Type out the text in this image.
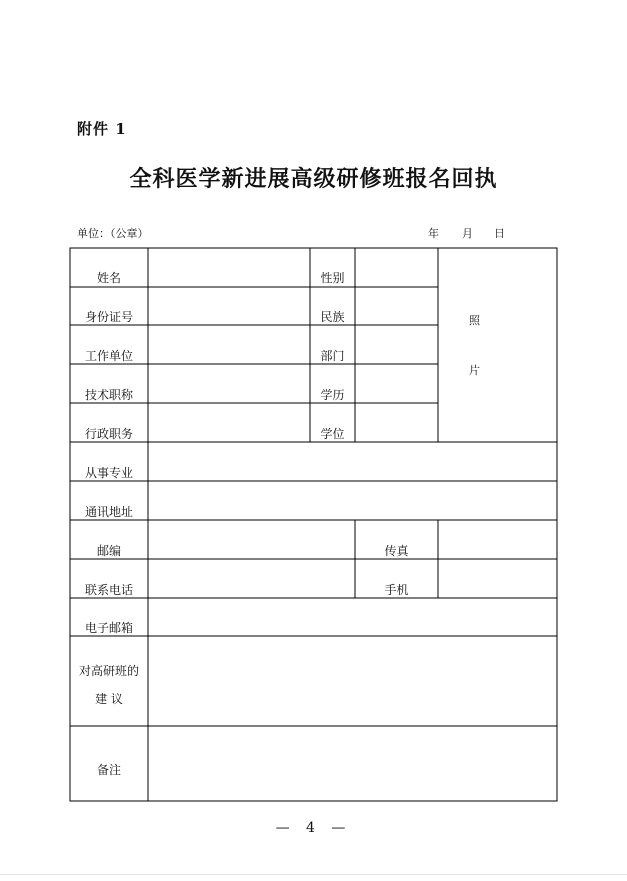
附件 1
全科医学新进展高级研修班报名回执
单位：（公章）	年 月 日
姓名	性别
身份证号	民族
工作单位	部门
技术职称	学历
行政职务	学位
照
片
从事专业
通讯地址
邮编	传真
联系电话	手机
电子邮箱
对高研班的
建 议
备注
— 4 —
